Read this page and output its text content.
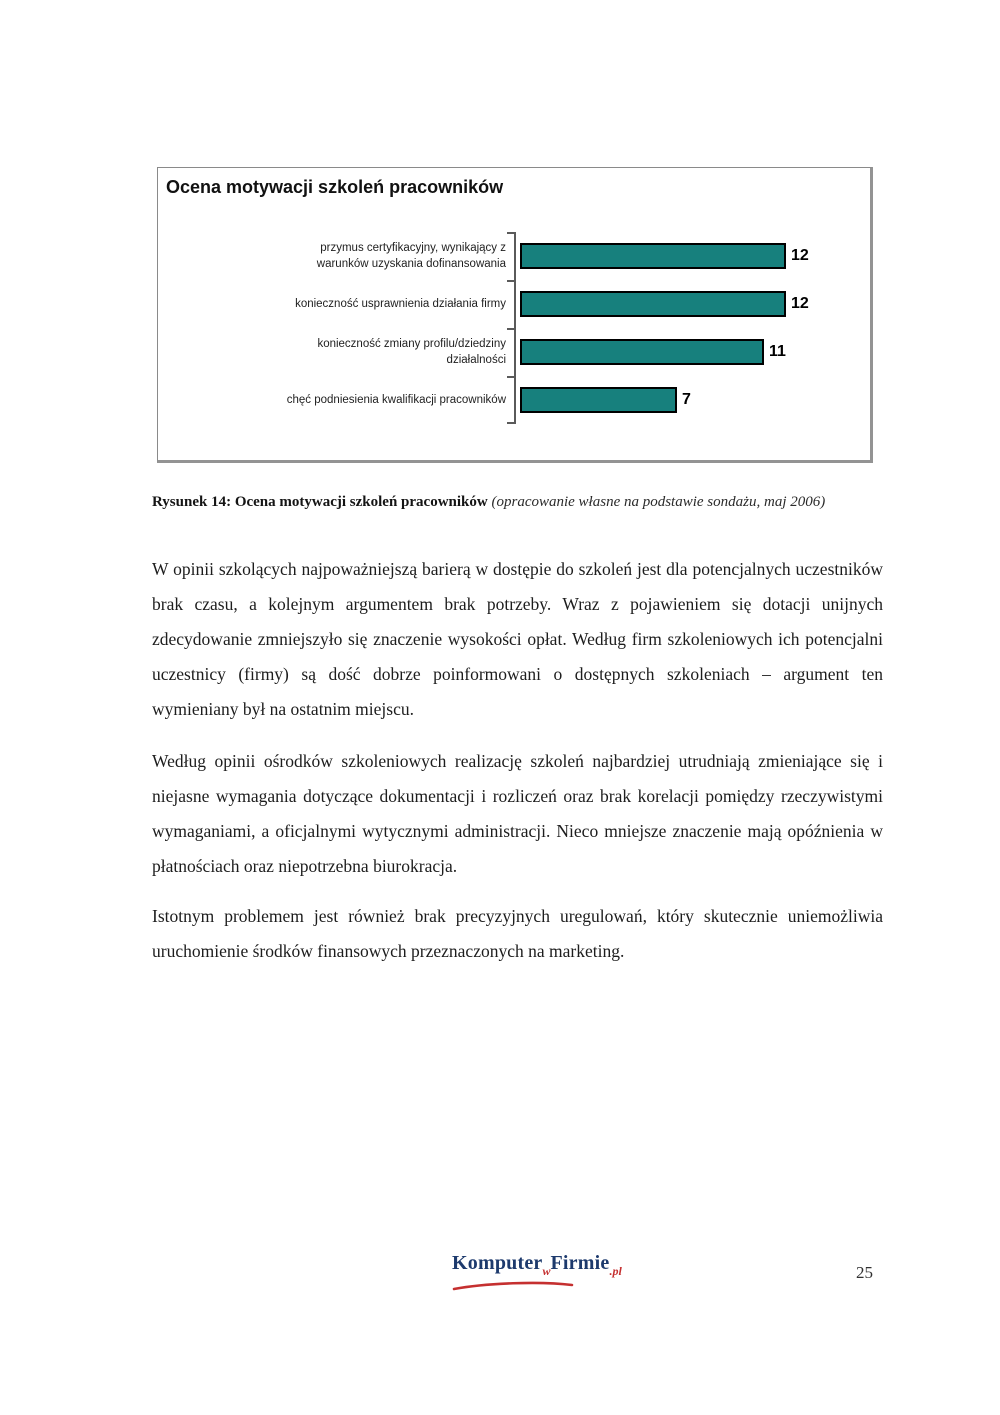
Ocena motywacji szkoleń pracowników
przymus certyfikacyjny, wynikający z
warunków uzyskania dofinansowania	12
konieczność usprawnienia działania firmy	12
konieczność zmiany profilu/dziedziny
działalności	11
chęć podniesienia kwalifikacji pracowników	7
Rysunek 14: Ocena motywacji szkoleń pracowników (opracowanie własne na podstawie sondażu, maj 2006)

W opinii szkolących najpoważniejszą barierą w dostępie do szkoleń jest dla potencjalnych uczestników brak czasu, a kolejnym argumentem brak potrzeby. Wraz z pojawieniem się dotacji unijnych zdecydowanie zmniejszyło się znaczenie wysokości opłat. Według firm szkoleniowych ich potencjalni uczestnicy (firmy) są dość dobrze poinformowani o dostępnych szkoleniach – argument ten wymieniany był na ostatnim miejscu.

Według opinii ośrodków szkoleniowych realizację szkoleń najbardziej utrudniają zmieniające się i niejasne wymagania dotyczące dokumentacji i rozliczeń oraz brak korelacji pomiędzy rzeczywistymi wymaganiami, a oficjalnymi wytycznymi administracji. Nieco mniejsze znaczenie mają opóźnienia w płatnościach oraz niepotrzebna biurokracja.

Istotnym problemem jest również brak precyzyjnych uregulowań, który skutecznie uniemożliwia uruchomienie środków finansowych przeznaczonych na marketing.

Komputer$_w$Firmie$_{.pl}$	25
